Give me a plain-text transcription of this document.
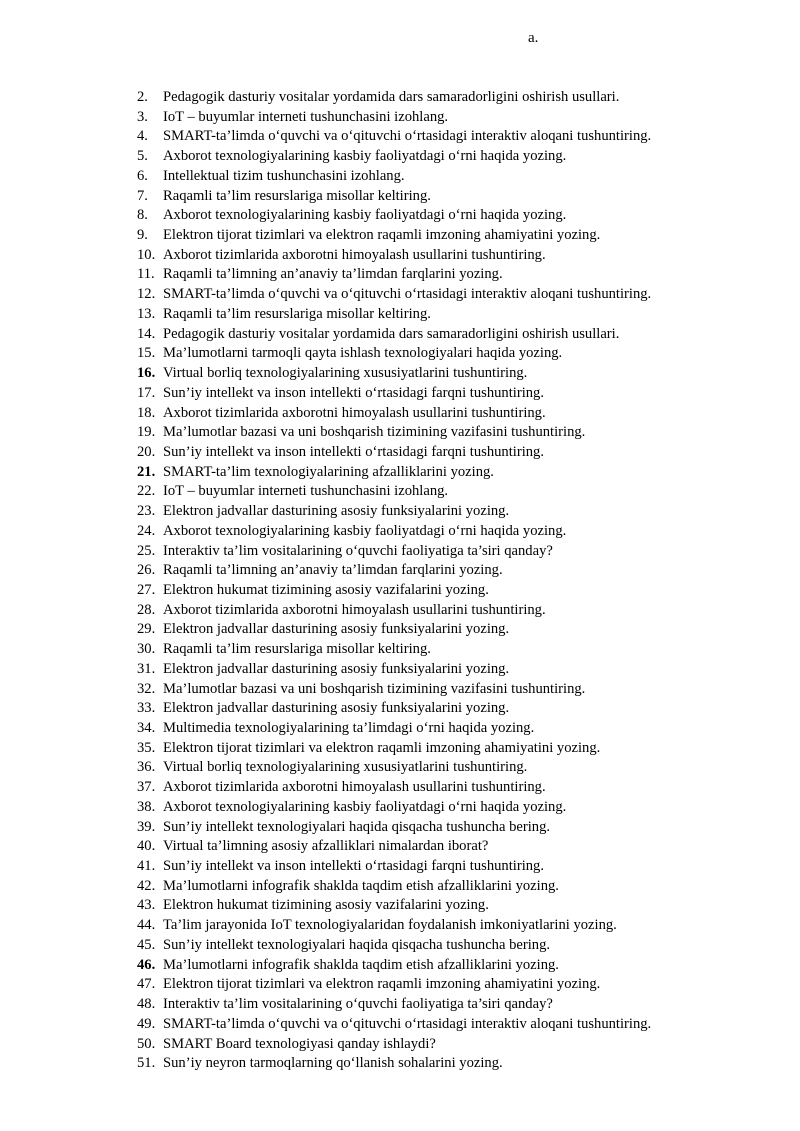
a.
2.	Pedagogik dasturiy vositalar yordamida dars samaradorligini oshirish usullari.
3.	IoT – buyumlar interneti tushunchasini izohlang.
4.	SMART-ta’limda o‘quvchi va o‘qituvchi o‘rtasidagi interaktiv aloqani tushuntiring.
5.	Axborot texnologiyalarining kasbiy faoliyatdagi o‘rni haqida yozing.
6.	Intellektual tizim tushunchasini izohlang.
7.	Raqamli ta’lim resurslariga misollar keltiring.
8.	Axborot texnologiyalarining kasbiy faoliyatdagi o‘rni haqida yozing.
9.	Elektron tijorat tizimlari va elektron raqamli imzoning ahamiyatini yozing.
10. Axborot tizimlarida axborotni himoyalash usullarini tushuntiring.
11. Raqamli ta’limning an’anaviy ta’limdan farqlarini yozing.
12. SMART-ta’limda o‘quvchi va o‘qituvchi o‘rtasidagi interaktiv aloqani tushuntiring.
13. Raqamli ta’lim resurslariga misollar keltiring.
14. Pedagogik dasturiy vositalar yordamida dars samaradorligini oshirish usullari.
15. Ma’lumotlarni tarmoqli qayta ishlash texnologiyalari haqida yozing.
16. Virtual borliq texnologiyalarining xususiyatlarini tushuntiring.
17. Sun’iy intellekt va inson intellekti o‘rtasidagi farqni tushuntiring.
18. Axborot tizimlarida axborotni himoyalash usullarini tushuntiring.
19. Ma’lumotlar bazasi va uni boshqarish tizimining vazifasini tushuntiring.
20. Sun’iy intellekt va inson intellekti o‘rtasidagi farqni tushuntiring.
21. SMART-ta’lim texnologiyalarining afzalliklarini yozing.
22. IoT – buyumlar interneti tushunchasini izohlang.
23. Elektron jadvallar dasturining asosiy funksiyalarini yozing.
24. Axborot texnologiyalarining kasbiy faoliyatdagi o‘rni haqida yozing.
25. Interaktiv ta’lim vositalarining o‘quvchi faoliyatiga ta’siri qanday?
26. Raqamli ta’limning an’anaviy ta’limdan farqlarini yozing.
27. Elektron hukumat tizimining asosiy vazifalarini yozing.
28. Axborot tizimlarida axborotni himoyalash usullarini tushuntiring.
29. Elektron jadvallar dasturining asosiy funksiyalarini yozing.
30. Raqamli ta’lim resurslariga misollar keltiring.
31. Elektron jadvallar dasturining asosiy funksiyalarini yozing.
32. Ma’lumotlar bazasi va uni boshqarish tizimining vazifasini tushuntiring.
33. Elektron jadvallar dasturining asosiy funksiyalarini yozing.
34. Multimedia texnologiyalarining ta’limdagi o‘rni haqida yozing.
35. Elektron tijorat tizimlari va elektron raqamli imzoning ahamiyatini yozing.
36. Virtual borliq texnologiyalarining xususiyatlarini tushuntiring.
37. Axborot tizimlarida axborotni himoyalash usullarini tushuntiring.
38. Axborot texnologiyalarining kasbiy faoliyatdagi o‘rni haqida yozing.
39. Sun’iy intellekt texnologiyalari haqida qisqacha tushuncha bering.
40. Virtual ta’limning asosiy afzalliklari nimalardan iborat?
41. Sun’iy intellekt va inson intellekti o‘rtasidagi farqni tushuntiring.
42. Ma’lumotlarni infografik shaklda taqdim etish afzalliklarini yozing.
43. Elektron hukumat tizimining asosiy vazifalarini yozing.
44. Ta’lim jarayonida IoT texnologiyalaridan foydalanish imkoniyatlarini yozing.
45. Sun’iy intellekt texnologiyalari haqida qisqacha tushuncha bering.
46. Ma’lumotlarni infografik shaklda taqdim etish afzalliklarini yozing.
47. Elektron tijorat tizimlari va elektron raqamli imzoning ahamiyatini yozing.
48. Interaktiv ta’lim vositalarining o‘quvchi faoliyatiga ta’siri qanday?
49. SMART-ta’limda o‘quvchi va o‘qituvchi o‘rtasidagi interaktiv aloqani tushuntiring.
50. SMART Board texnologiyasi qanday ishlaydi?
51. Sun’iy neyron tarmoqlarning qo‘llanish sohalarini yozing.
